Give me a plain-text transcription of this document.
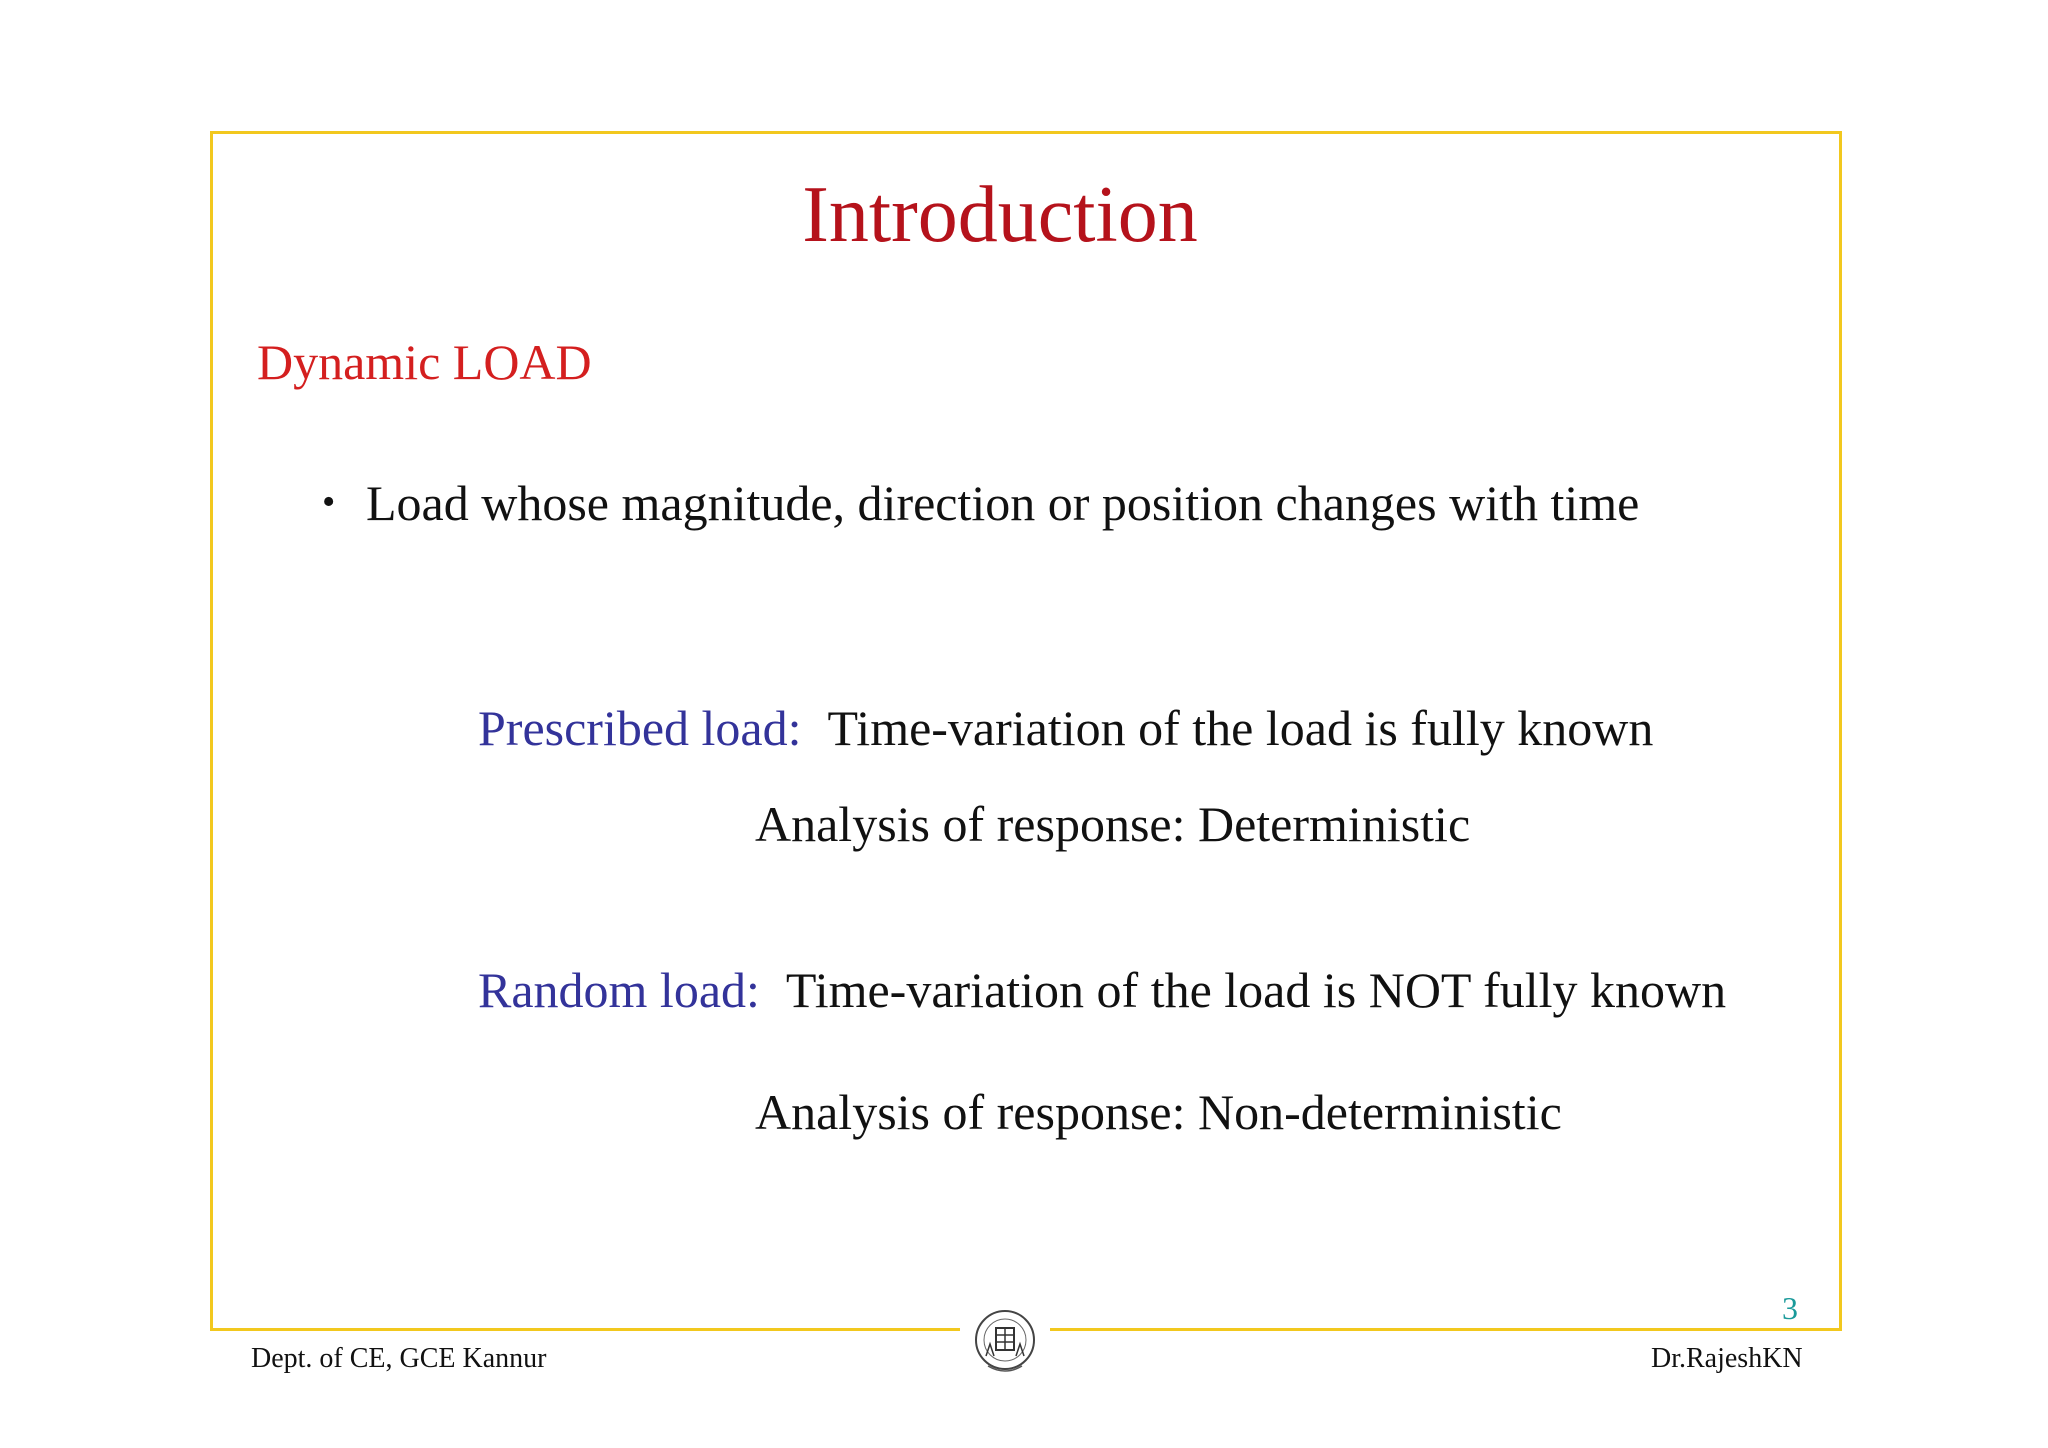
Introduction
Dynamic LOAD
• Load whose magnitude, direction or position changes with time
Prescribed load: Time-variation of the load is fully known
Analysis of response: Deterministic
Random load: Time-variation of the load is NOT fully known
Analysis of response: Non-deterministic
3
Dept. of CE, GCE Kannur	Dr.RajeshKN
